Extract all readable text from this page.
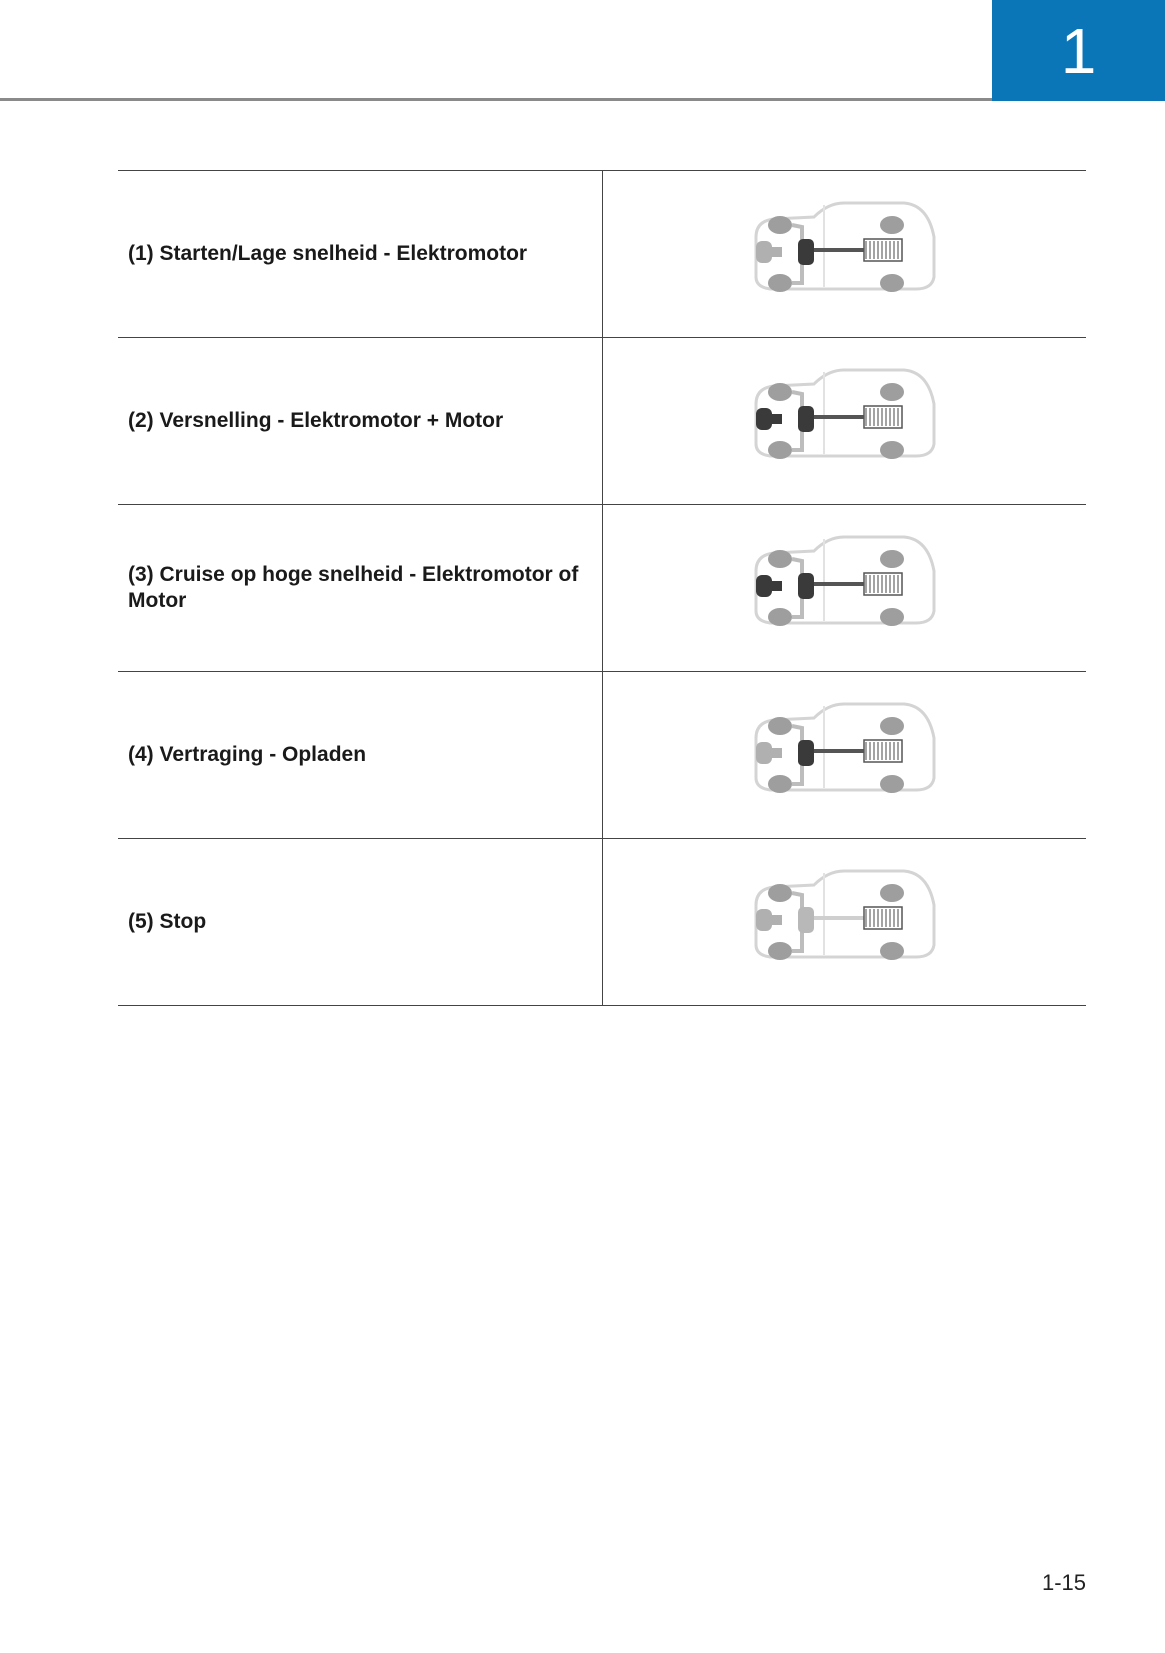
1
(1) Starten/Lage snelheid - Elektromotor	
(2) Versnelling - Elektromotor + Motor	
(3) Cruise op hoge snelheid - Elektromotor of Motor	
(4) Vertraging - Opladen	
(5) Stop	
1-15
